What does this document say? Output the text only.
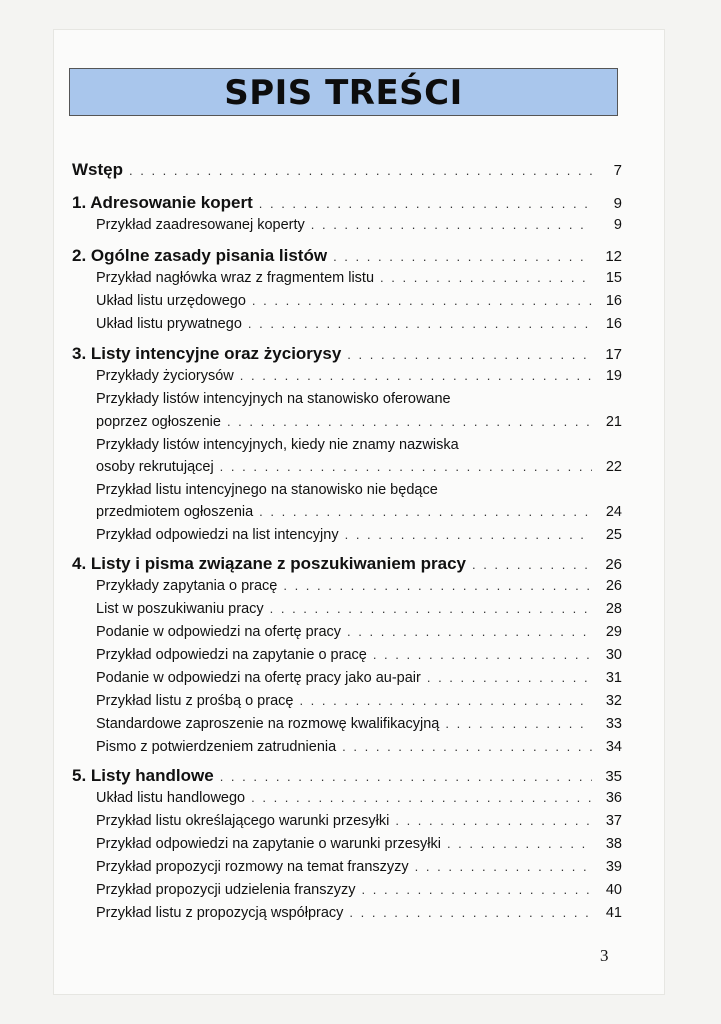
SPIS TREŚCI
Wstęp . . .	7
1. Adresowanie kopert . . .	9
Przykład zaadresowanej koperty . . .	9
2. Ogólne zasady pisania listów . . .	12
Przykład nagłówka wraz z fragmentem listu . . .	15
Układ listu urzędowego . . .	16
Układ listu prywatnego . . .	16
3. Listy intencyjne oraz życiorysy . . .	17
Przykłady życiorysów . . .	19
Przykłady listów intencyjnych na stanowisko oferowane
poprzez ogłoszenie . . .	21
Przykłady listów intencyjnych, kiedy nie znamy nazwiska
osoby rekrutującej . . .	22
Przykład listu intencyjnego na stanowisko nie będące
przedmiotem ogłoszenia . . .	24
Przykład odpowiedzi na list intencyjny . . .	25
4. Listy i pisma związane z poszukiwaniem pracy . . .	26
Przykłady zapytania o pracę . . .	26
List w poszukiwaniu pracy . . .	28
Podanie w odpowiedzi na ofertę pracy . . .	29
Przykład odpowiedzi na zapytanie o pracę . . .	30
Podanie w odpowiedzi na ofertę pracy jako au-pair . . .	31
Przykład listu z prośbą o pracę . . .	32
Standardowe zaproszenie na rozmowę kwalifikacyjną . . .	33
Pismo z potwierdzeniem zatrudnienia . . .	34
5. Listy handlowe . . .	35
Układ listu handlowego . . .	36
Przykład listu określającego warunki przesyłki . . .	37
Przykład odpowiedzi na zapytanie o warunki przesyłki . . .	38
Przykład propozycji rozmowy na temat franszyzy . . .	39
Przykład propozycji udzielenia franszyzy . . .	40
Przykład listu z propozycją współpracy . . .	41
3
